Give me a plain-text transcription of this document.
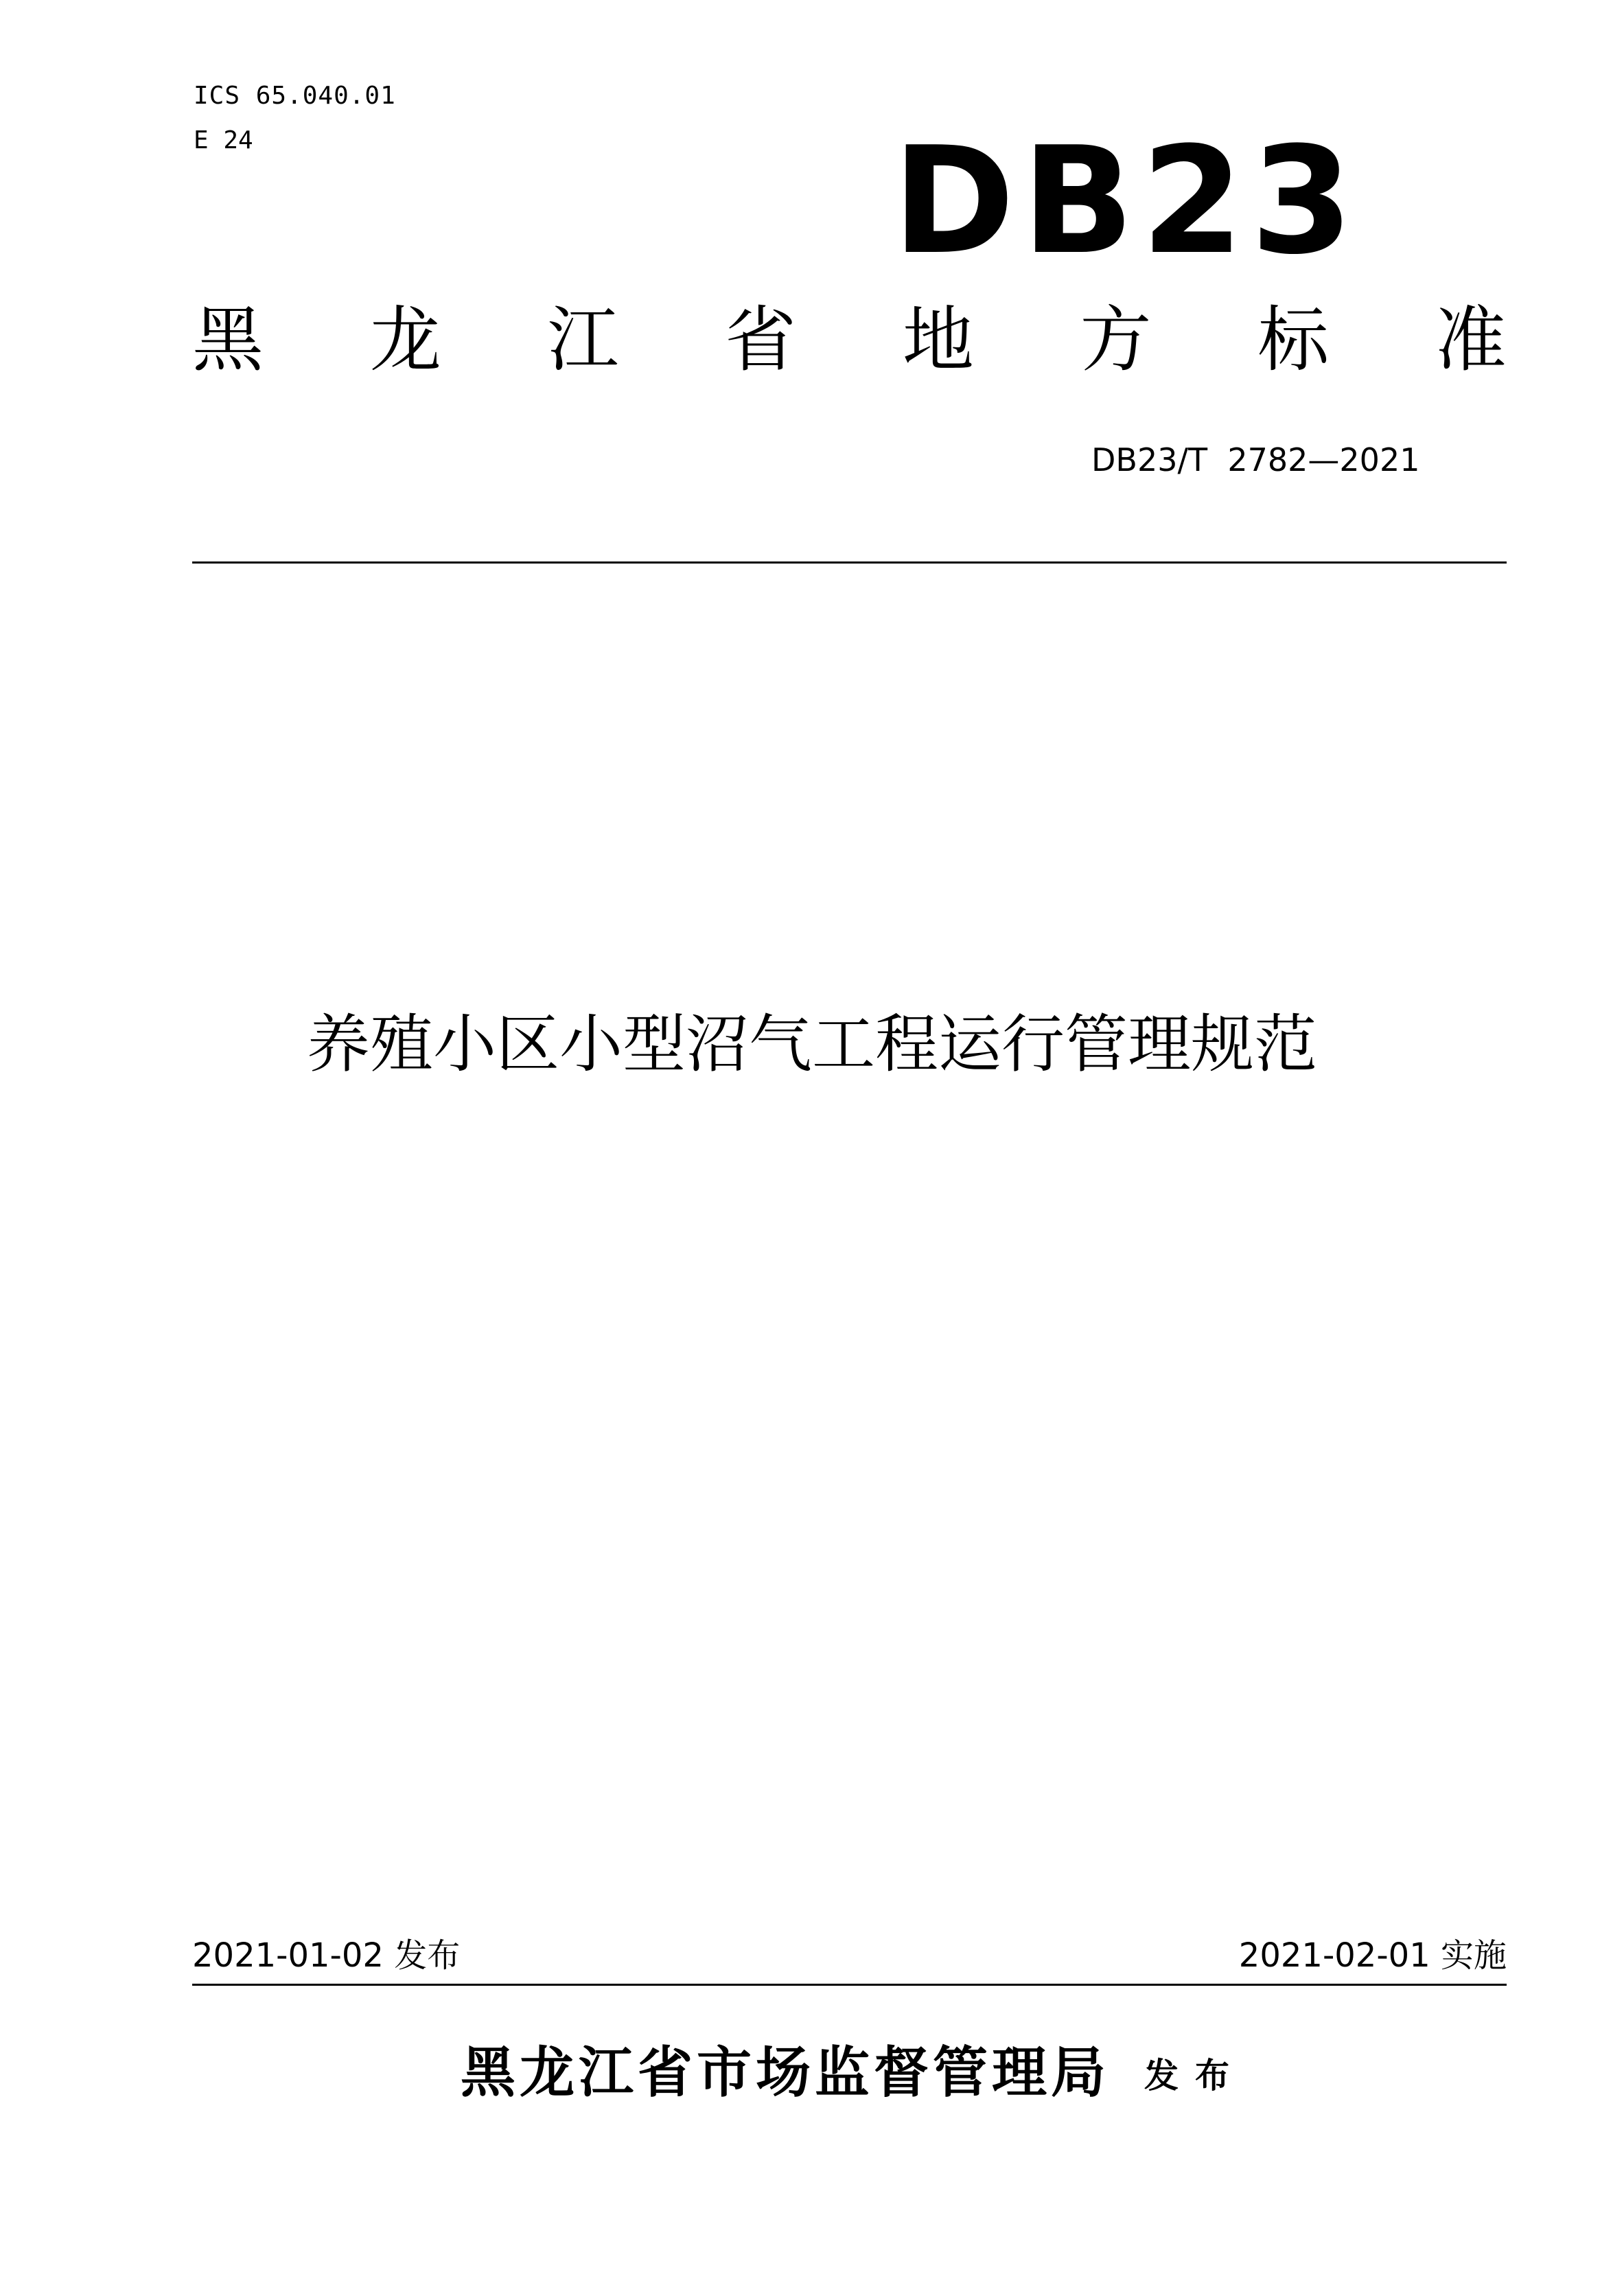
ICS 65.040.01
E 24	DB23
黑 龙 江 省 地 方 标 准
DB23/T  2782—2021
养殖小区小型沼气工程运行管理规范
2021-01-02 发布	2021-02-01 实施
黑龙江省市场监督管理局 发布
